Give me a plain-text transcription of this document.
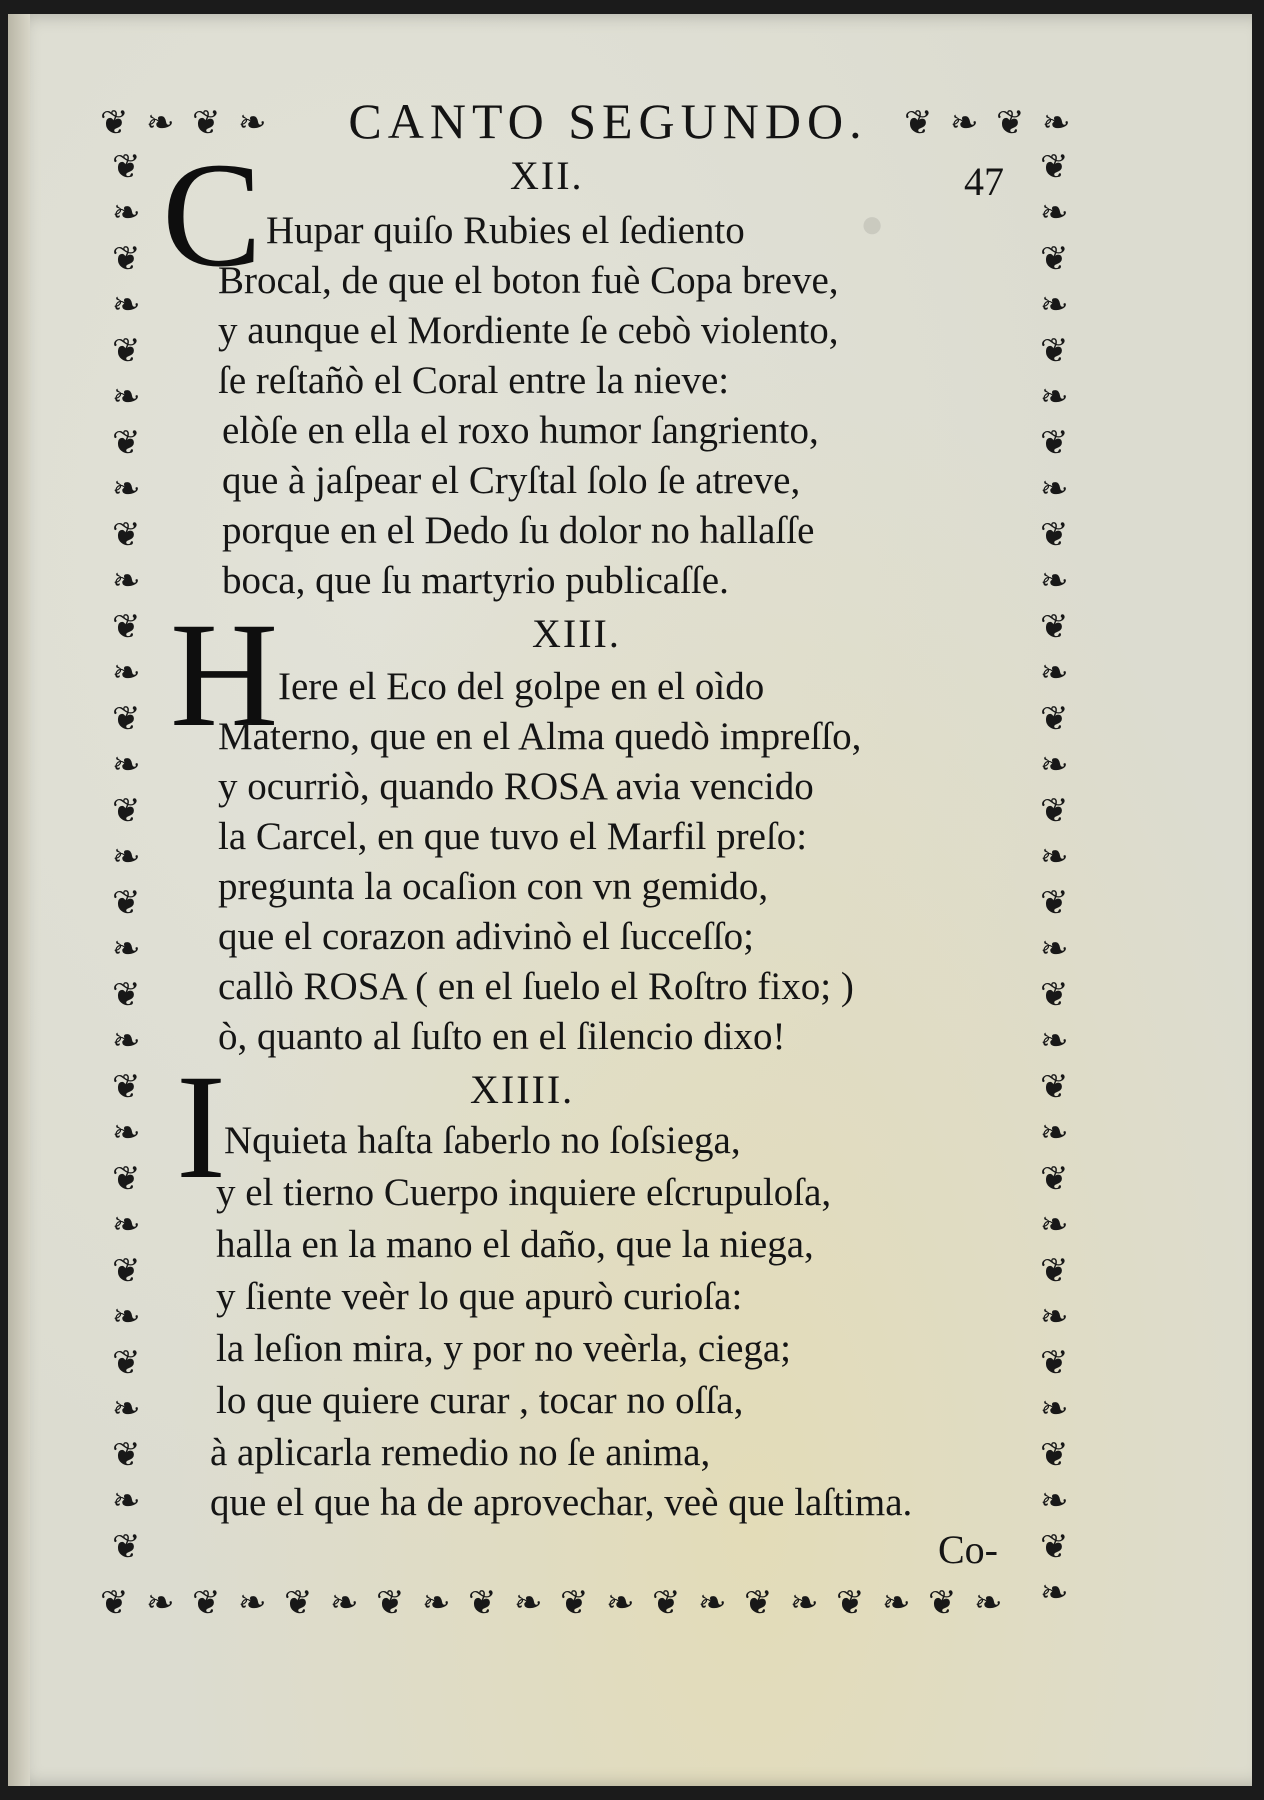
●
❦ ❧ ❦ ❧	❦ ❧ ❦ ❧
❦
❧
❦
❧
❦
❧
❦
❧
❦
❧
❦
❧
❦
❧
❦
❧
❦
❧
❦
❧
❦
❧
❦
❧
❦
❧
❦
❧
❦
❧
❦
❦
❧
❦
❧
❦
❧
❦
❧
❦
❧
❦
❧
❦
❧
❦
❧
❦
❧
❦
❧
❦
❧
❦
❧
❦
❧
❦
❧
❦
❧
❦
❧
❦ ❧ ❦ ❧ ❦ ❧ ❦ ❧ ❦ ❧ ❦ ❧ ❦ ❧ ❦ ❧ ❦ ❧ ❦ ❧
CANTO SEGUNDO.
47
XII.
C Hupar quiſo Rubies el ſediento
Brocal, de que el boton fuè Copa breve,
y aunque el Mordiente ſe cebò violento,
ſe reſtañò el Coral entre la nieve:
elòſe en ella el roxo humor ſangriento,
que à jaſpear el Cryſtal ſolo ſe atreve,
porque en el Dedo ſu dolor no hallaſſe
boca, que ſu martyrio publicaſſe.
XIII.
H Iere el Eco del golpe en el oìdo
Materno, que en el Alma quedò impreſſo,
y ocurriò, quando ROSA avia vencido
la Carcel, en que tuvo el Marfil preſo:
pregunta la ocaſion con vn gemido,
que el corazon adivinò el ſucceſſo;
callò ROSA ( en el ſuelo el Roſtro fixo; )
ò, quanto al ſuſto en el ſilencio dixo!
XIIII.
I
Nquieta haſta ſaberlo no ſoſsiega,
y el tierno Cuerpo inquiere eſcrupuloſa,
halla en la mano el daño, que la niega,
y ſiente veèr lo que apurò curioſa:
la leſion mira, y por no veèrla, ciega;
lo que quiere curar , tocar no oſſa,
à aplicarla remedio no ſe anima,
que el que ha de aprovechar, veè que laſtima.
Co-
